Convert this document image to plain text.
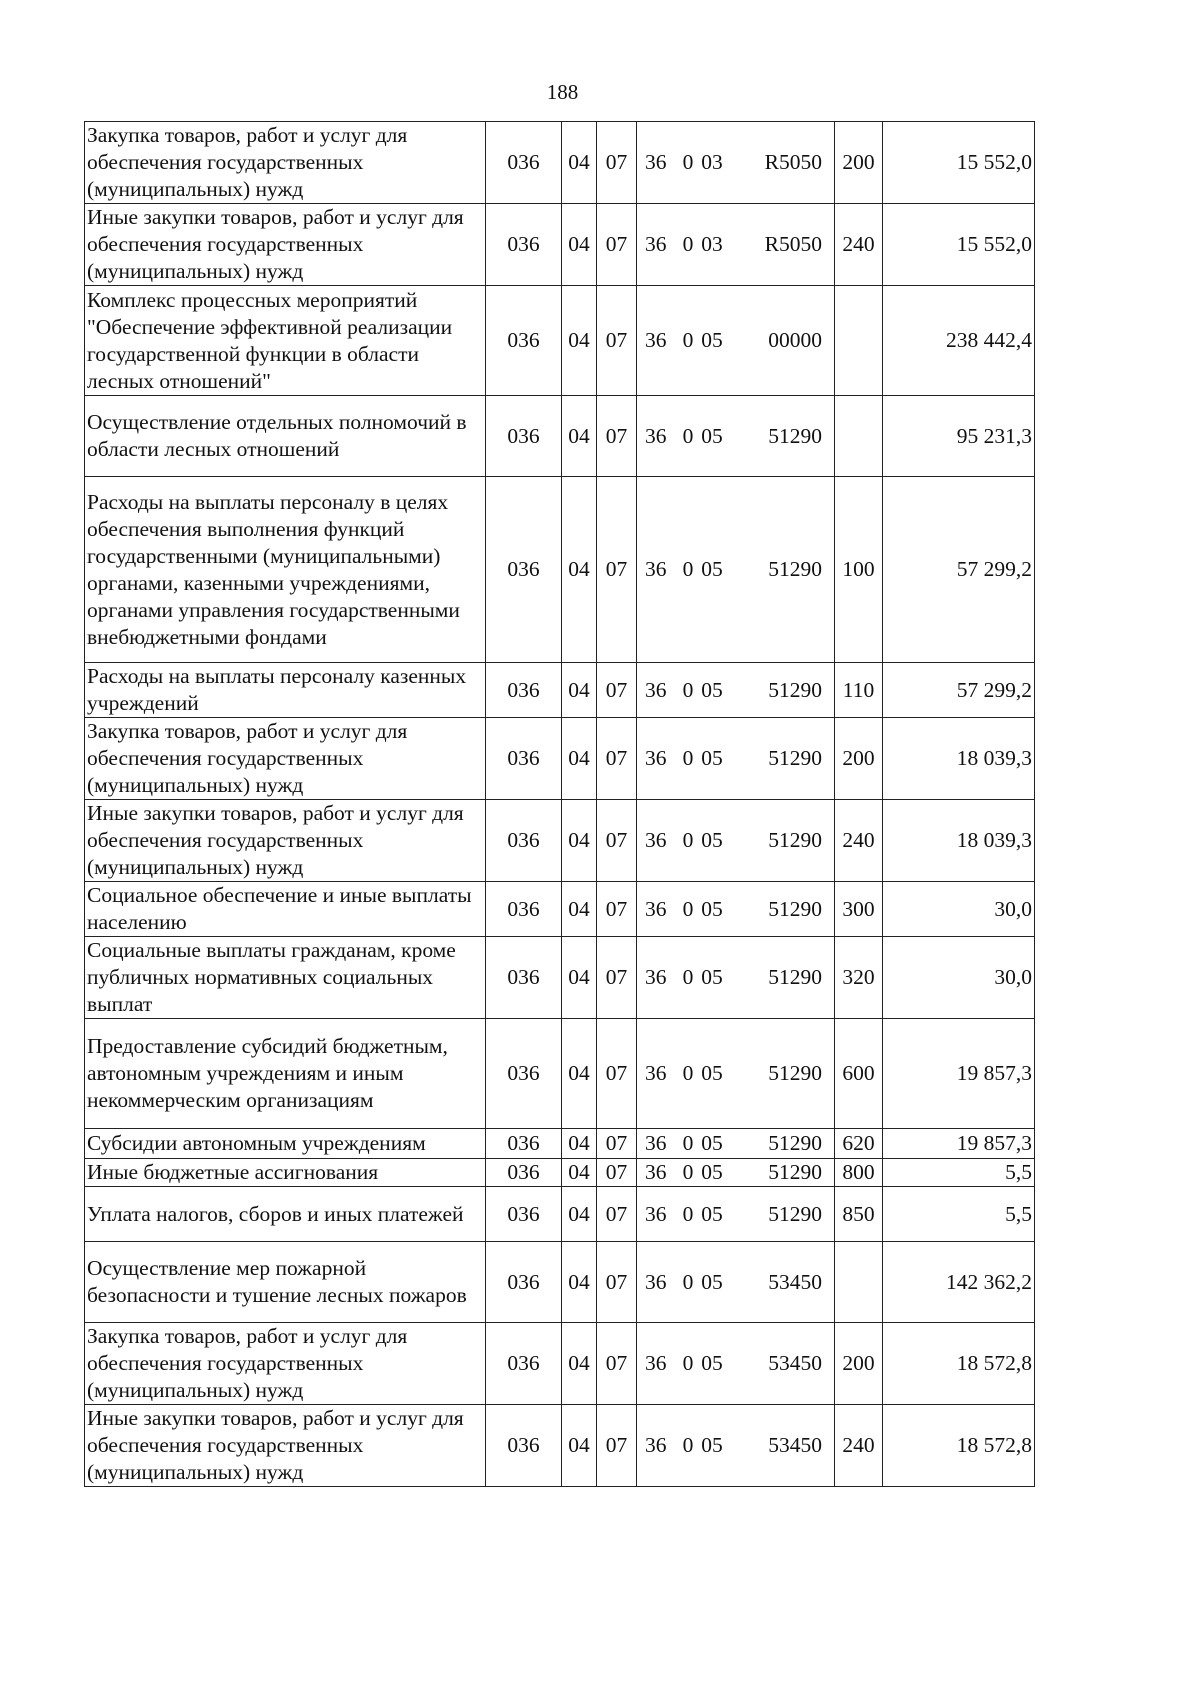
188
Закупка товаров, работ и услуг для обеспечения государственных (муниципальных) нужд	036	04	07	36 0 03 R5050	200	15 552,0
Иные закупки товаров, работ и услуг для обеспечения государственных (муниципальных) нужд	036	04	07	36 0 03 R5050	240	15 552,0
Комплекс процессных мероприятий "Обеспечение эффективной реализации государственной функции в области лесных отношений"	036	04	07	36 0 05 00000		238 442,4
Осуществление отдельных полномочий в области лесных отношений	036	04	07	36 0 05 51290		95 231,3
Расходы на выплаты персоналу в целях обеспечения выполнения функций государственными (муниципальными) органами, казенными учреждениями, органами управления государственными внебюджетными фондами	036	04	07	36 0 05 51290	100	57 299,2
Расходы на выплаты персоналу казенных учреждений	036	04	07	36 0 05 51290	110	57 299,2
Закупка товаров, работ и услуг для обеспечения государственных (муниципальных) нужд	036	04	07	36 0 05 51290	200	18 039,3
Иные закупки товаров, работ и услуг для обеспечения государственных (муниципальных) нужд	036	04	07	36 0 05 51290	240	18 039,3
Социальное обеспечение и иные выплаты населению	036	04	07	36 0 05 51290	300	30,0
Социальные выплаты гражданам, кроме публичных нормативных социальных выплат	036	04	07	36 0 05 51290	320	30,0
Предоставление субсидий бюджетным, автономным учреждениям и иным некоммерческим организациям	036	04	07	36 0 05 51290	600	19 857,3
Субсидии автономным учреждениям	036	04	07	36 0 05 51290	620	19 857,3
Иные бюджетные ассигнования	036	04	07	36 0 05 51290	800	5,5
Уплата налогов, сборов и иных платежей	036	04	07	36 0 05 51290	850	5,5
Осуществление мер пожарной безопасности и тушение лесных пожаров	036	04	07	36 0 05 53450		142 362,2
Закупка товаров, работ и услуг для обеспечения государственных (муниципальных) нужд	036	04	07	36 0 05 53450	200	18 572,8
Иные закупки товаров, работ и услуг для обеспечения государственных (муниципальных) нужд	036	04	07	36 0 05 53450	240	18 572,8
